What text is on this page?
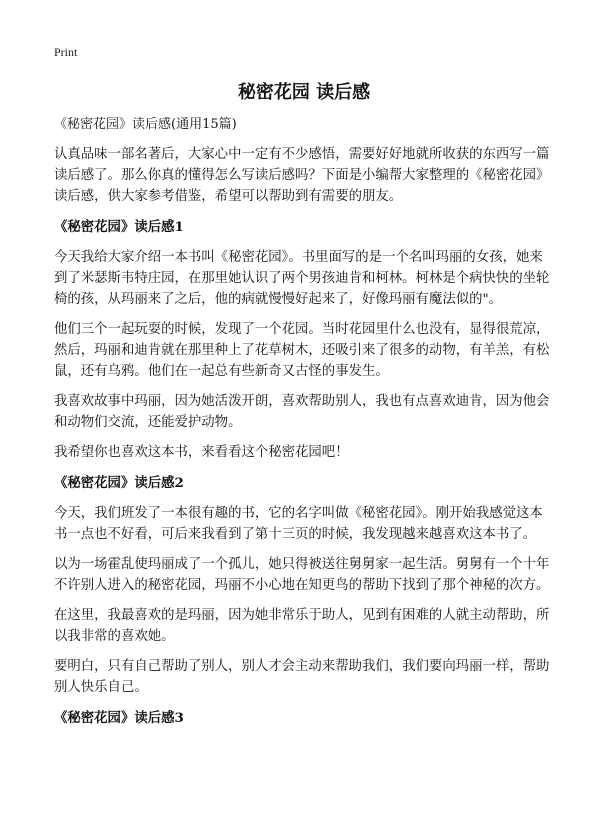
Print
秘密花园 读后感
《秘密花园》读后感(通用15篇)

认真品味一部名著后，大家心中一定有不少感悟，需要好好地就所收获的东西写一篇读后感了。那么你真的懂得怎么写读后感吗？下面是小编帮大家整理的《秘密花园》读后感，供大家参考借鉴，希望可以帮助到有需要的朋友。

《秘密花园》读后感1

今天我给大家介绍一本书叫《秘密花园》。书里面写的是一个名叫玛丽的女孩，她来到了米瑟斯韦特庄园，在那里她认识了两个男孩迪肯和柯林。柯林是个病快快的坐轮椅的孩，从玛丽来了之后，他的病就慢慢好起来了，好像玛丽有魔法似的"。

他们三个一起玩耍的时候，发现了一个花园。当时花园里什么也没有，显得很荒凉，然后，玛丽和迪肯就在那里种上了花草树木，还吸引来了很多的动物，有羊羔，有松鼠，还有乌鸦。他们在一起总有些新奇又古怪的事发生。

我喜欢故事中玛丽，因为她活泼开朗，喜欢帮助别人，我也有点喜欢迪肯，因为他会和动物们交流，还能爱护动物。

我希望你也喜欢这本书，来看看这个秘密花园吧！

《秘密花园》读后感2

今天，我们班发了一本很有趣的书，它的名字叫做《秘密花园》。刚开始我感觉这本书一点也不好看，可后来我看到了第十三页的时候，我发现越来越喜欢这本书了。

以为一场霍乱使玛丽成了一个孤儿，她只得被送往舅舅家一起生活。舅舅有一个十年不许别人进入的秘密花园，玛丽不小心地在知更鸟的帮助下找到了那个神秘的次方。

在这里，我最喜欢的是玛丽，因为她非常乐于助人，见到有困难的人就主动帮助，所以我非常的喜欢她。

要明白，只有自己帮助了别人，别人才会主动来帮助我们，我们要向玛丽一样，帮助别人快乐自己。

《秘密花园》读后感3
